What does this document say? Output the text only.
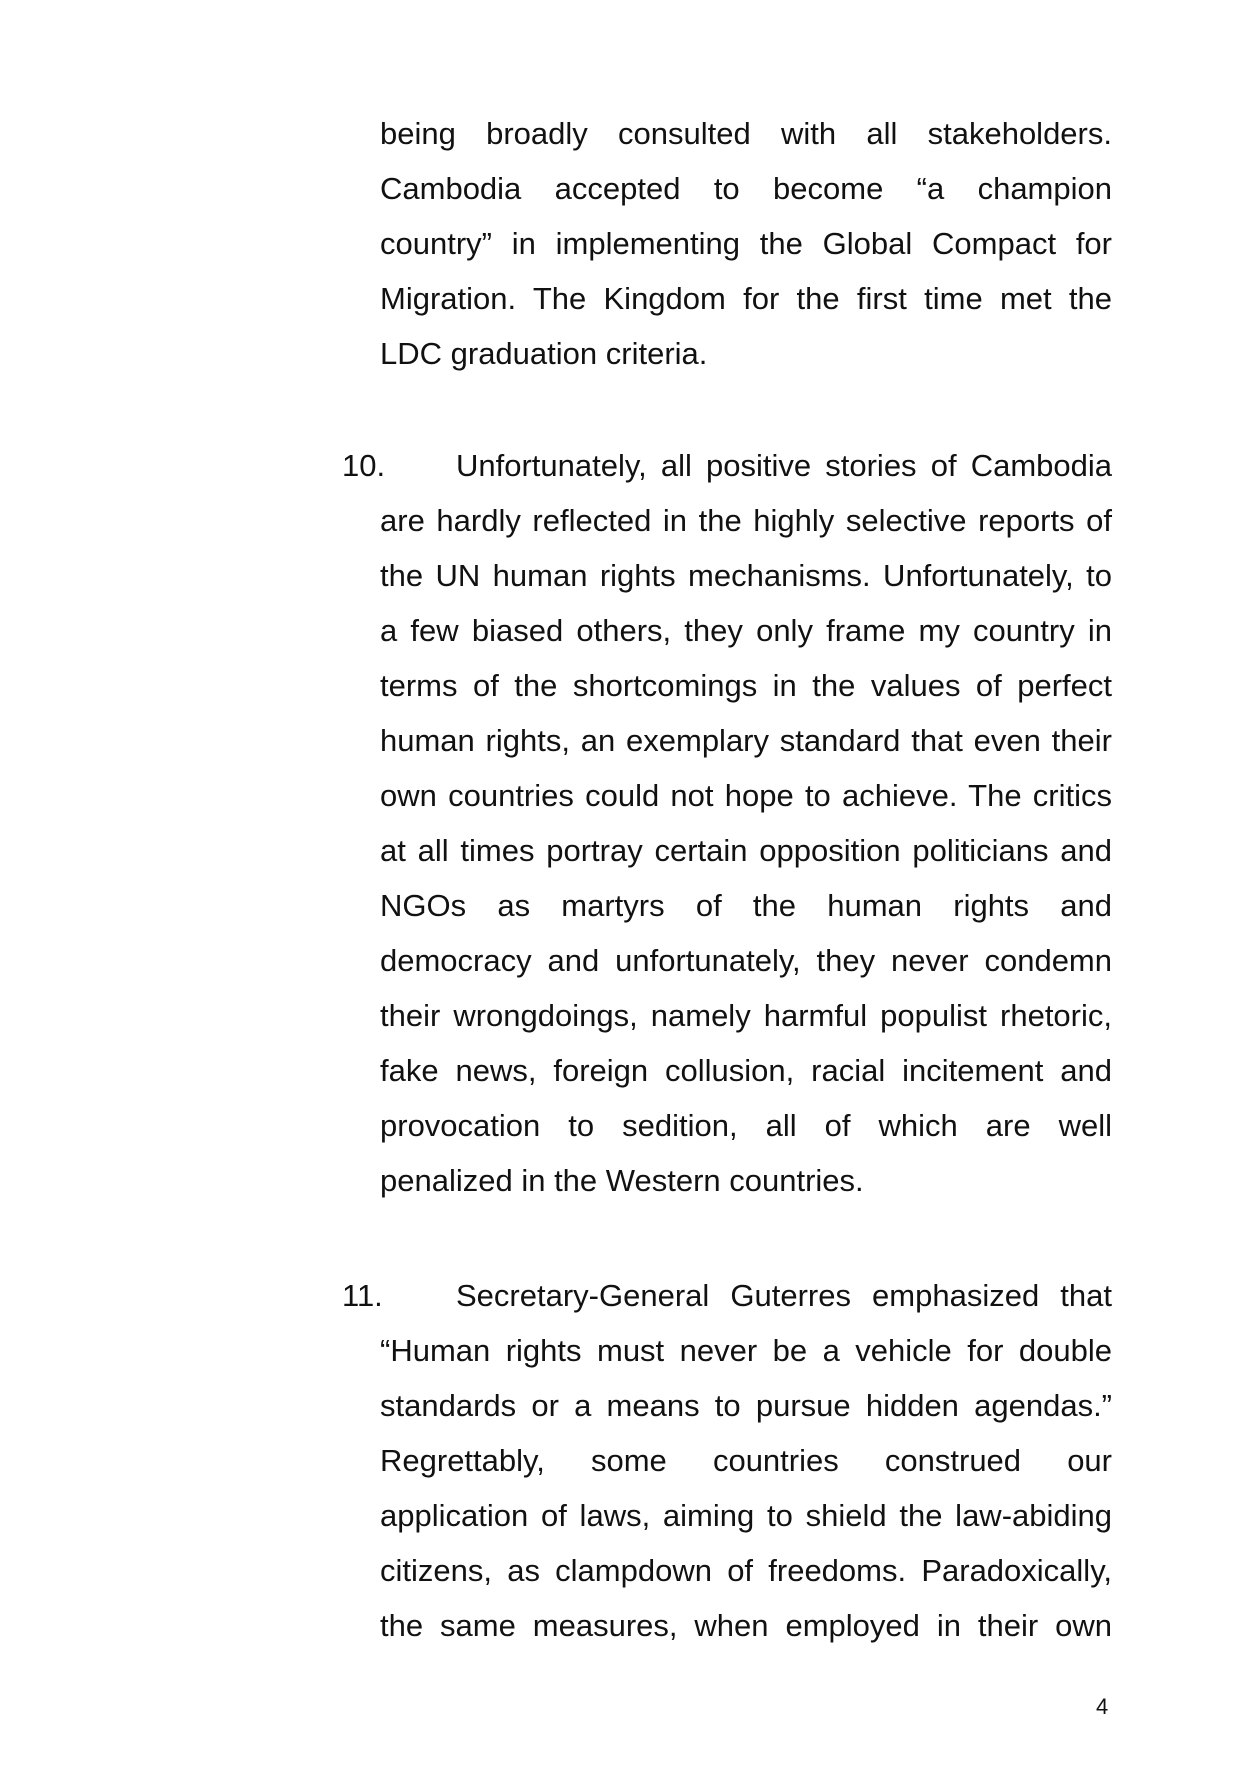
being broadly consulted with all stakeholders.
Cambodia accepted to become “a champion
country” in implementing the Global Compact for
Migration. The Kingdom for the first time met the
LDC graduation criteria.
10.	Unfortunately, all positive stories of Cambodia
are hardly reflected in the highly selective reports of
the UN human rights mechanisms. Unfortunately, to
a few biased others, they only frame my country in
terms of the shortcomings in the values of perfect
human rights, an exemplary standard that even their
own countries could not hope to achieve. The critics
at all times portray certain opposition politicians and
NGOs as martyrs of the human rights and
democracy and unfortunately, they never condemn
their wrongdoings, namely harmful populist rhetoric,
fake news, foreign collusion, racial incitement and
provocation to sedition, all of which are well
penalized in the Western countries.
11.	Secretary-General Guterres emphasized that
“Human rights must never be a vehicle for double
standards or a means to pursue hidden agendas.”
Regrettably, some countries construed our
application of laws, aiming to shield the law-abiding
citizens, as clampdown of freedoms. Paradoxically,
the same measures, when employed in their own
4
